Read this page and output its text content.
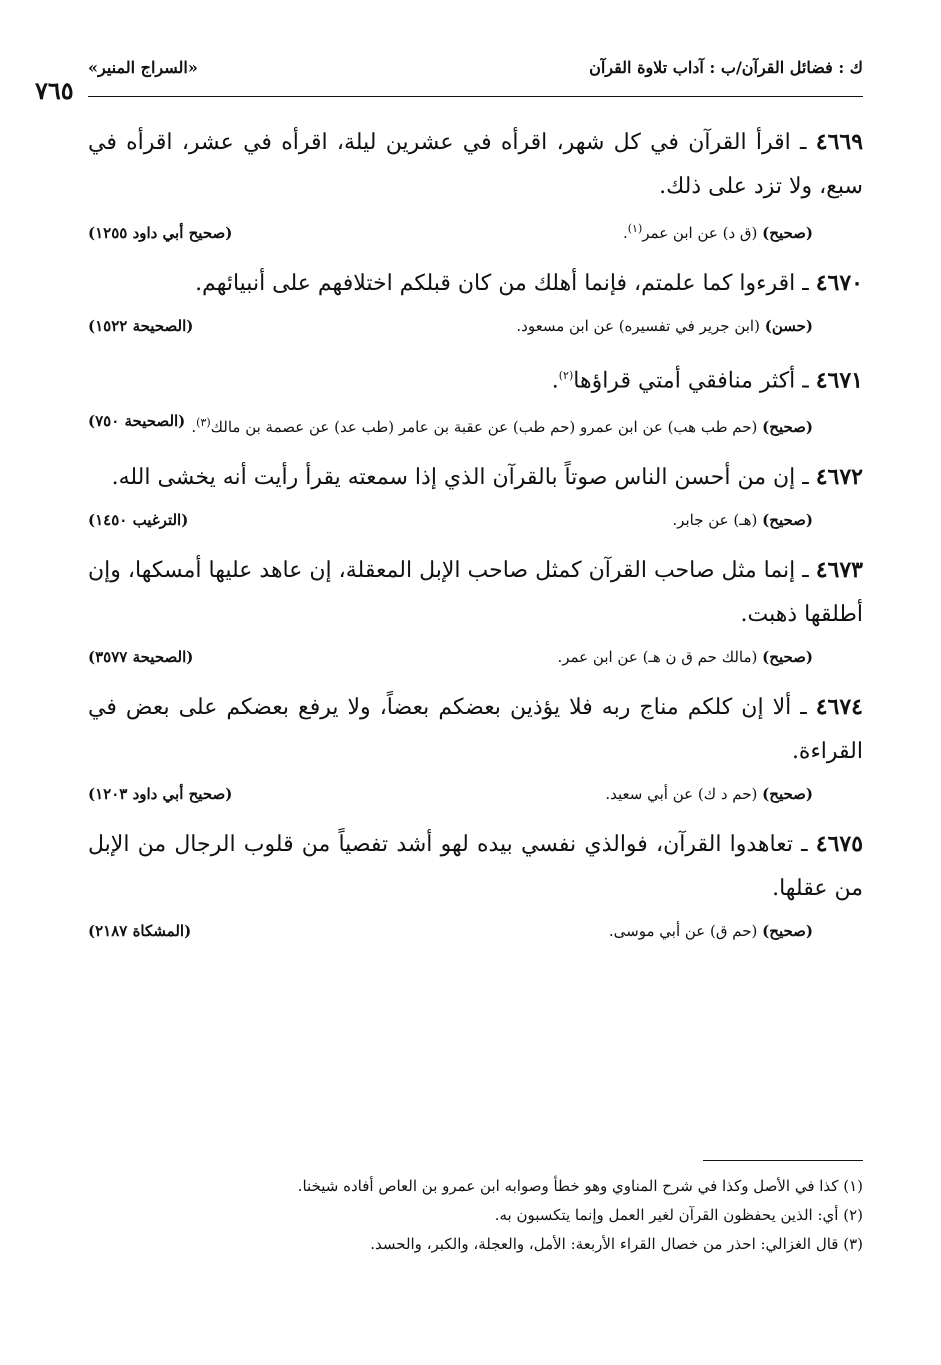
ك : فضائل القرآن/ب : آداب تلاوة القرآن
«السراج المنير»
٧٦٥

٤٦٦٩ ـ اقرأ القرآن في كل شهر، اقرأه في عشرين ليلة، اقرأه في عشر، اقرأه في سبع، ولا تزد على ذلك.

(صحيح) (ق د) عن ابن عمر$^{(١)}$.
(صحيح أبي داود ١٢٥٥)

٤٦٧٠ ـ اقرءوا كما علمتم، فإنما أهلك من كان قبلكم اختلافهم على أنبيائهم.

(حسن) (ابن جرير في تفسيره) عن ابن مسعود.
(الصحيحة ١٥٢٢)

٤٦٧١ ـ أكثر منافقي أمتي قراؤها$^{(٢)}$.

(صحيح) (حم طب هب) عن ابن عمرو (حم طب) عن عقبة بن عامر (طب عد) عن عصمة بن مالك$^{(٣)}$.
(الصحيحة ٧٥٠)

٤٦٧٢ ـ إن من أحسن الناس صوتاً بالقرآن الذي إذا سمعته يقرأ رأيت أنه يخشى الله.

(صحيح) (هـ) عن جابر.
(الترغيب ١٤٥٠)

٤٦٧٣ ـ إنما مثل صاحب القرآن كمثل صاحب الإبل المعقلة، إن عاهد عليها أمسكها، وإن أطلقها ذهبت.

(صحيح) (مالك حم ق ن هـ) عن ابن عمر.
(الصحيحة ٣٥٧٧)

٤٦٧٤ ـ ألا إن كلكم مناج ربه فلا يؤذين بعضكم بعضاً، ولا يرفع بعضكم على بعض في القراءة.

(صحيح) (حم د ك) عن أبي سعيد.
(صحيح أبي داود ١٢٠٣)

٤٦٧٥ ـ تعاهدوا القرآن، فوالذي نفسي بيده لهو أشد تفصياً من قلوب الرجال من الإبل من عقلها.

(صحيح) (حم ق) عن أبي موسى.
(المشكاة ٢١٨٧)
(١) كذا في الأصل وكذا في شرح المناوي وهو خطأ وصوابه ابن عمرو بن العاص أفاده شيخنا.
(٢) أي: الذين يحفظون القرآن لغير العمل وإنما يتكسبون به.
(٣) قال الغزالي: احذر من خصال القراء الأربعة: الأمل، والعجلة، والكبر، والحسد.
